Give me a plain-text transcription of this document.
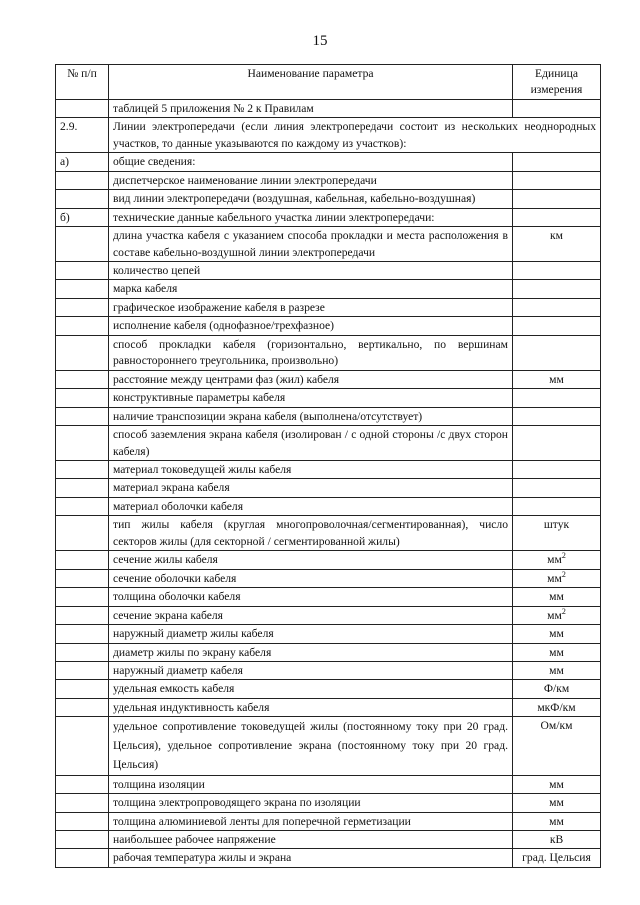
15
№ п/п	Наименование параметра	Единица измерения
	таблицей 5 приложения № 2 к Правилам	
2.9.	Линии электропередачи (если линия электропередачи состоит из нескольких неоднородных участков, то данные указываются по каждому из участков):	
а)	общие сведения:	
	диспетчерское наименование линии электропередачи	
	вид линии электропередачи (воздушная, кабельная, кабельно-воздушная)	
б)	технические данные кабельного участка линии электропередачи:	
	длина участка кабеля с указанием способа прокладки и места расположения в составе кабельно-воздушной линии электропередачи	км
	количество цепей	
	марка кабеля	
	графическое изображение кабеля в разрезе	
	исполнение кабеля (однофазное/трехфазное)	
	способ прокладки кабеля (горизонтально, вертикально, по вершинам равностороннего треугольника, произвольно)	
	расстояние между центрами фаз (жил) кабеля	мм
	конструктивные параметры кабеля	
	наличие транспозиции экрана кабеля (выполнена/отсутствует)	
	способ заземления экрана кабеля (изолирован / с одной стороны /с двух сторон кабеля)	
	материал токоведущей жилы кабеля	
	материал экрана кабеля	
	материал оболочки кабеля	
	тип жилы кабеля (круглая многопроволочная/сегментированная), число секторов жилы (для секторной / сегментированной жилы)	штук
	сечение жилы кабеля	$мм^2$
	сечение оболочки кабеля	$мм^2$
	толщина оболочки кабеля	мм
	сечение экрана кабеля	$мм^2$
	наружный диаметр жилы кабеля	мм
	диаметр жилы по экрану кабеля	мм
	наружный диаметр кабеля	мм
	удельная емкость кабеля	Ф/км
	удельная индуктивность кабеля	мкФ/км
	удельное сопротивление токоведущей жилы (постоянному току при 20 град. Цельсия), удельное сопротивление экрана (постоянному току при 20 град. Цельсия)	Ом/км
	толщина изоляции	мм
	толщина электропроводящего экрана по изоляции	мм
	толщина алюминиевой ленты для поперечной герметизации	мм
	наибольшее рабочее напряжение	кВ
	рабочая температура жилы и экрана	град. Цельсия
